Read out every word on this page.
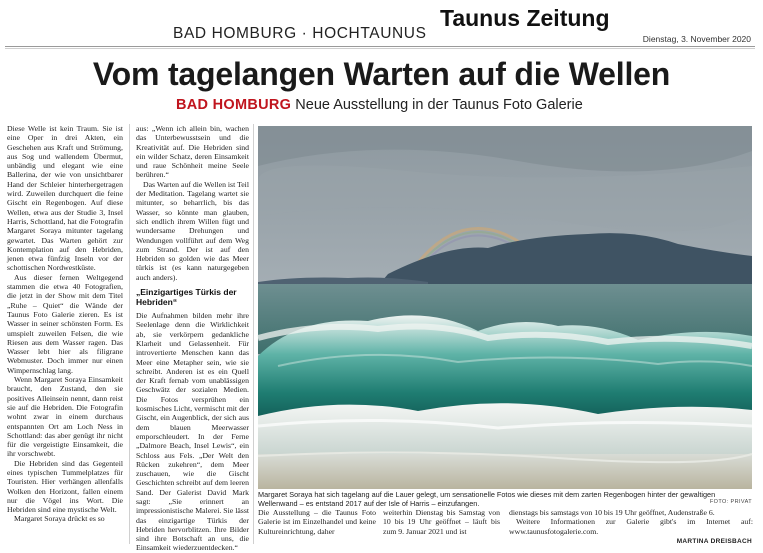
BAD HOMBURG · HOCHTAUNUS
Taunus Zeitung
Dienstag, 3. November 2020
Vom tagelangen Warten auf die Wellen
BAD HOMBURG Neue Ausstellung in der Taunus Foto Galerie

Diese Welle ist kein Traum. Sie ist eine Oper in drei Akten, ein Geschehen aus Kraft und Strömung, aus Sog und wallendem Übermut, unbändig und elegant wie eine Ballerina, der wie von unsichtbarer Hand der Schleier hinterhergetragen wird. Zuweilen durchquert die feine Gischt ein Regenbogen. Auf diese Wellen, etwa aus der Studie 3, Insel Harris, Schottland, hat die Fotografin Margaret Soraya mitunter tagelang gewartet. Das Warten gehört zur Kontemplation auf den Hebriden, jenen etwa fünfzig Inseln vor der schottischen Nordwestküste.

Aus dieser fernen Weltgegend stammen die etwa 40 Fotografien, die jetzt in der Show mit dem Titel „Ruhe – Quiet“ die Wände der Taunus Foto Galerie zieren. Es ist Wasser in seiner schönsten Form. Es umspielt zuweilen Felsen, die wie Riesen aus dem Wasser ragen. Das Wasser lebt hier als filigrane Webmuster. Doch immer nur einen Wimpernschlag lang.

Wenn Margaret Soraya Einsamkeit braucht, den Zustand, den sie positives Alleinsein nennt, dann reist sie auf die Hebriden. Die Fotografin wohnt zwar in einem durchaus entspannten Ort am Loch Ness in Schottland: das aber genügt ihr nicht für die vergeistigte Einsamkeit, die ihr vorschwebt.

Die Hebriden sind das Gegenteil eines typischen Tummelplatzes für Touristen. Hier verhängen allenfalls Wolken den Horizont, fallen einem nur die Vögel ins Wort. Die Hebriden sind eine mystische Welt.

Margaret Soraya drückt es so

aus: „Wenn ich allein bin, wachen das Unterbewusstsein und die Kreativität auf. Die Hebriden sind ein wilder Schatz, deren Einsamkeit und raue Schönheit meine Seele berühren.“

Das Warten auf die Wellen ist Teil der Meditation. Tagelang wartet sie mitunter, so beharrlich, bis das Wasser, so könnte man glauben, sich endlich ihrem Willen fügt und wundersame Drehungen und Wendungen vollführt auf dem Weg zum Strand. Der ist auf den Hebriden so golden wie das Meer türkis ist (es kann naturgegeben auch anders).

„Einzigartiges Türkis der Hebriden“

Die Aufnahmen bilden mehr ihre Seelenlage denn die Wirklichkeit ab, sie verkörpern gedankliche Klarheit und Gelassenheit. Für introvertierte Menschen kann das Meer eine Metapher sein, wie sie schreibt. Anderen ist es ein Quell der Kraft fernab vom unablässigen Geschwätz der sozialen Medien. Die Fotos versprühen ein kosmisches Licht, vermischt mit der Gischt, ein Augenblick, der sich aus dem blauen Meerwasser emporschleudert. In der Ferne „Dalmore Beach, Insel Lewis“, ein Schloss aus Fels. „Der Welt den Rücken zukehren“, dem Meer zuschauen, wie die Gischt Geschichten schreibt auf dem leeren Sand. Der Galerist David Mark sagt: „Sie erinnert an impressionistische Malerei. Sie lässt das einzigartige Türkis der Hebriden hervorblitzen. Ihre Bilder sind ihre Botschaft an uns, die Einsamkeit wiederzuentdecken.“

Margaret Soraya hat sich tagelang auf die Lauer gelegt, um sensationelle Fotos wie dieses mit dem zarten Regenbogen hinter der gewaltigen Wellenwand – es entstand 2017 auf der Isle of Harris – einzufangen.	FOTO: PRIVAT

Die Ausstellung – die Taunus Foto Galerie ist im Einzelhandel und keine Kultureinrichtung, daher

weiterhin Dienstag bis Samstag von 10 bis 19 Uhr geöffnet – läuft bis zum 9. Januar 2021 und ist

dienstags bis samstags von 10 bis 19 Uhr geöffnet, Audenstraße 6.

Weitere Informationen zur Galerie gibt's im Internet auf: www.taunusfotogalerie.com.

MARTINA DREISBACH
